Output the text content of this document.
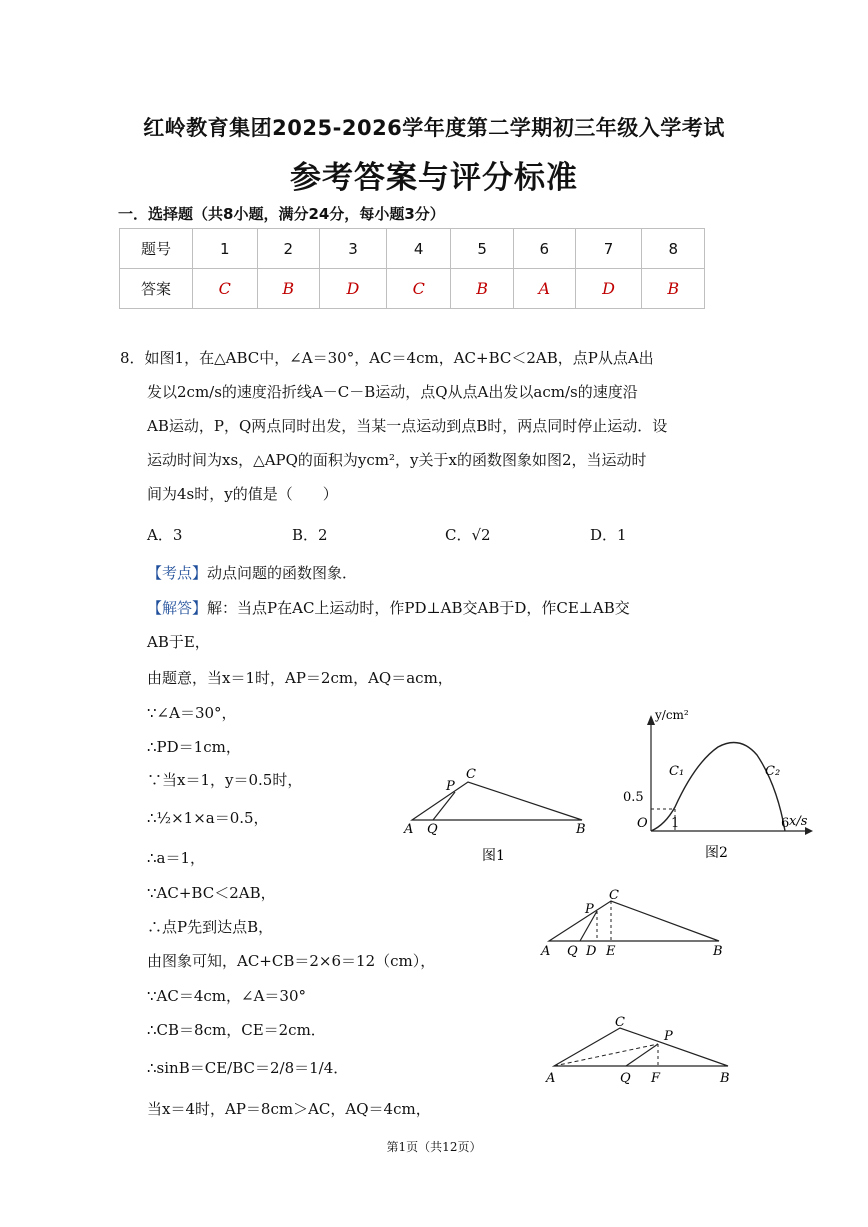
红岭教育集团2025-2026学年度第二学期初三年级入学考试
参考答案与评分标准
一．选择题（共8小题，满分24分，每小题3分）
题号	1	2	3	4	5	6	7	8
答案	C	B	D	C	B	A	D	B
8．如图1，在△ABC中，∠A＝30°，AC＝4cm，AC+BC＜2AB，点P从点A出
发以2cm/s的速度沿折线A－C－B运动，点Q从点A出发以acm/s的速度沿
AB运动，P，Q两点同时出发，当某一点运动到点B时，两点同时停止运动．设
运动时间为xs，△APQ的面积为ycm²，y关于x的函数图象如图2，当运动时
间为4s时，y的值是（　　）
A．3	B．2	C．√2	D．1
【考点】动点问题的函数图象．
【解答】解：当点P在AC上运动时，作PD⊥AB交AB于D，作CE⊥AB交
AB于E，
由题意，当x＝1时，AP＝2cm，AQ＝acm，
∵∠A＝30°，
∴PD＝1cm，
∵当x＝1，y＝0.5时，
∴½×1×a＝0.5，
∴a＝1，
∵AC+BC＜2AB，
∴点P先到达点B，
由图象可知，AC+CB＝2×6＝12（cm），
∵AC＝4cm，∠A＝30°
∴CB＝8cm，CE＝2cm．
∴sinB＝CE/BC＝2/8＝1/4．
当x＝4时，AP＝8cm＞AC，AQ＝4cm，
A Q
P
C
B
图1
y/cm²
x/s
O
0.5
1	6
C₁	C₂
图2
A Q D E
P
C
B
A	Q F
P
C
B
第1页（共12页）
